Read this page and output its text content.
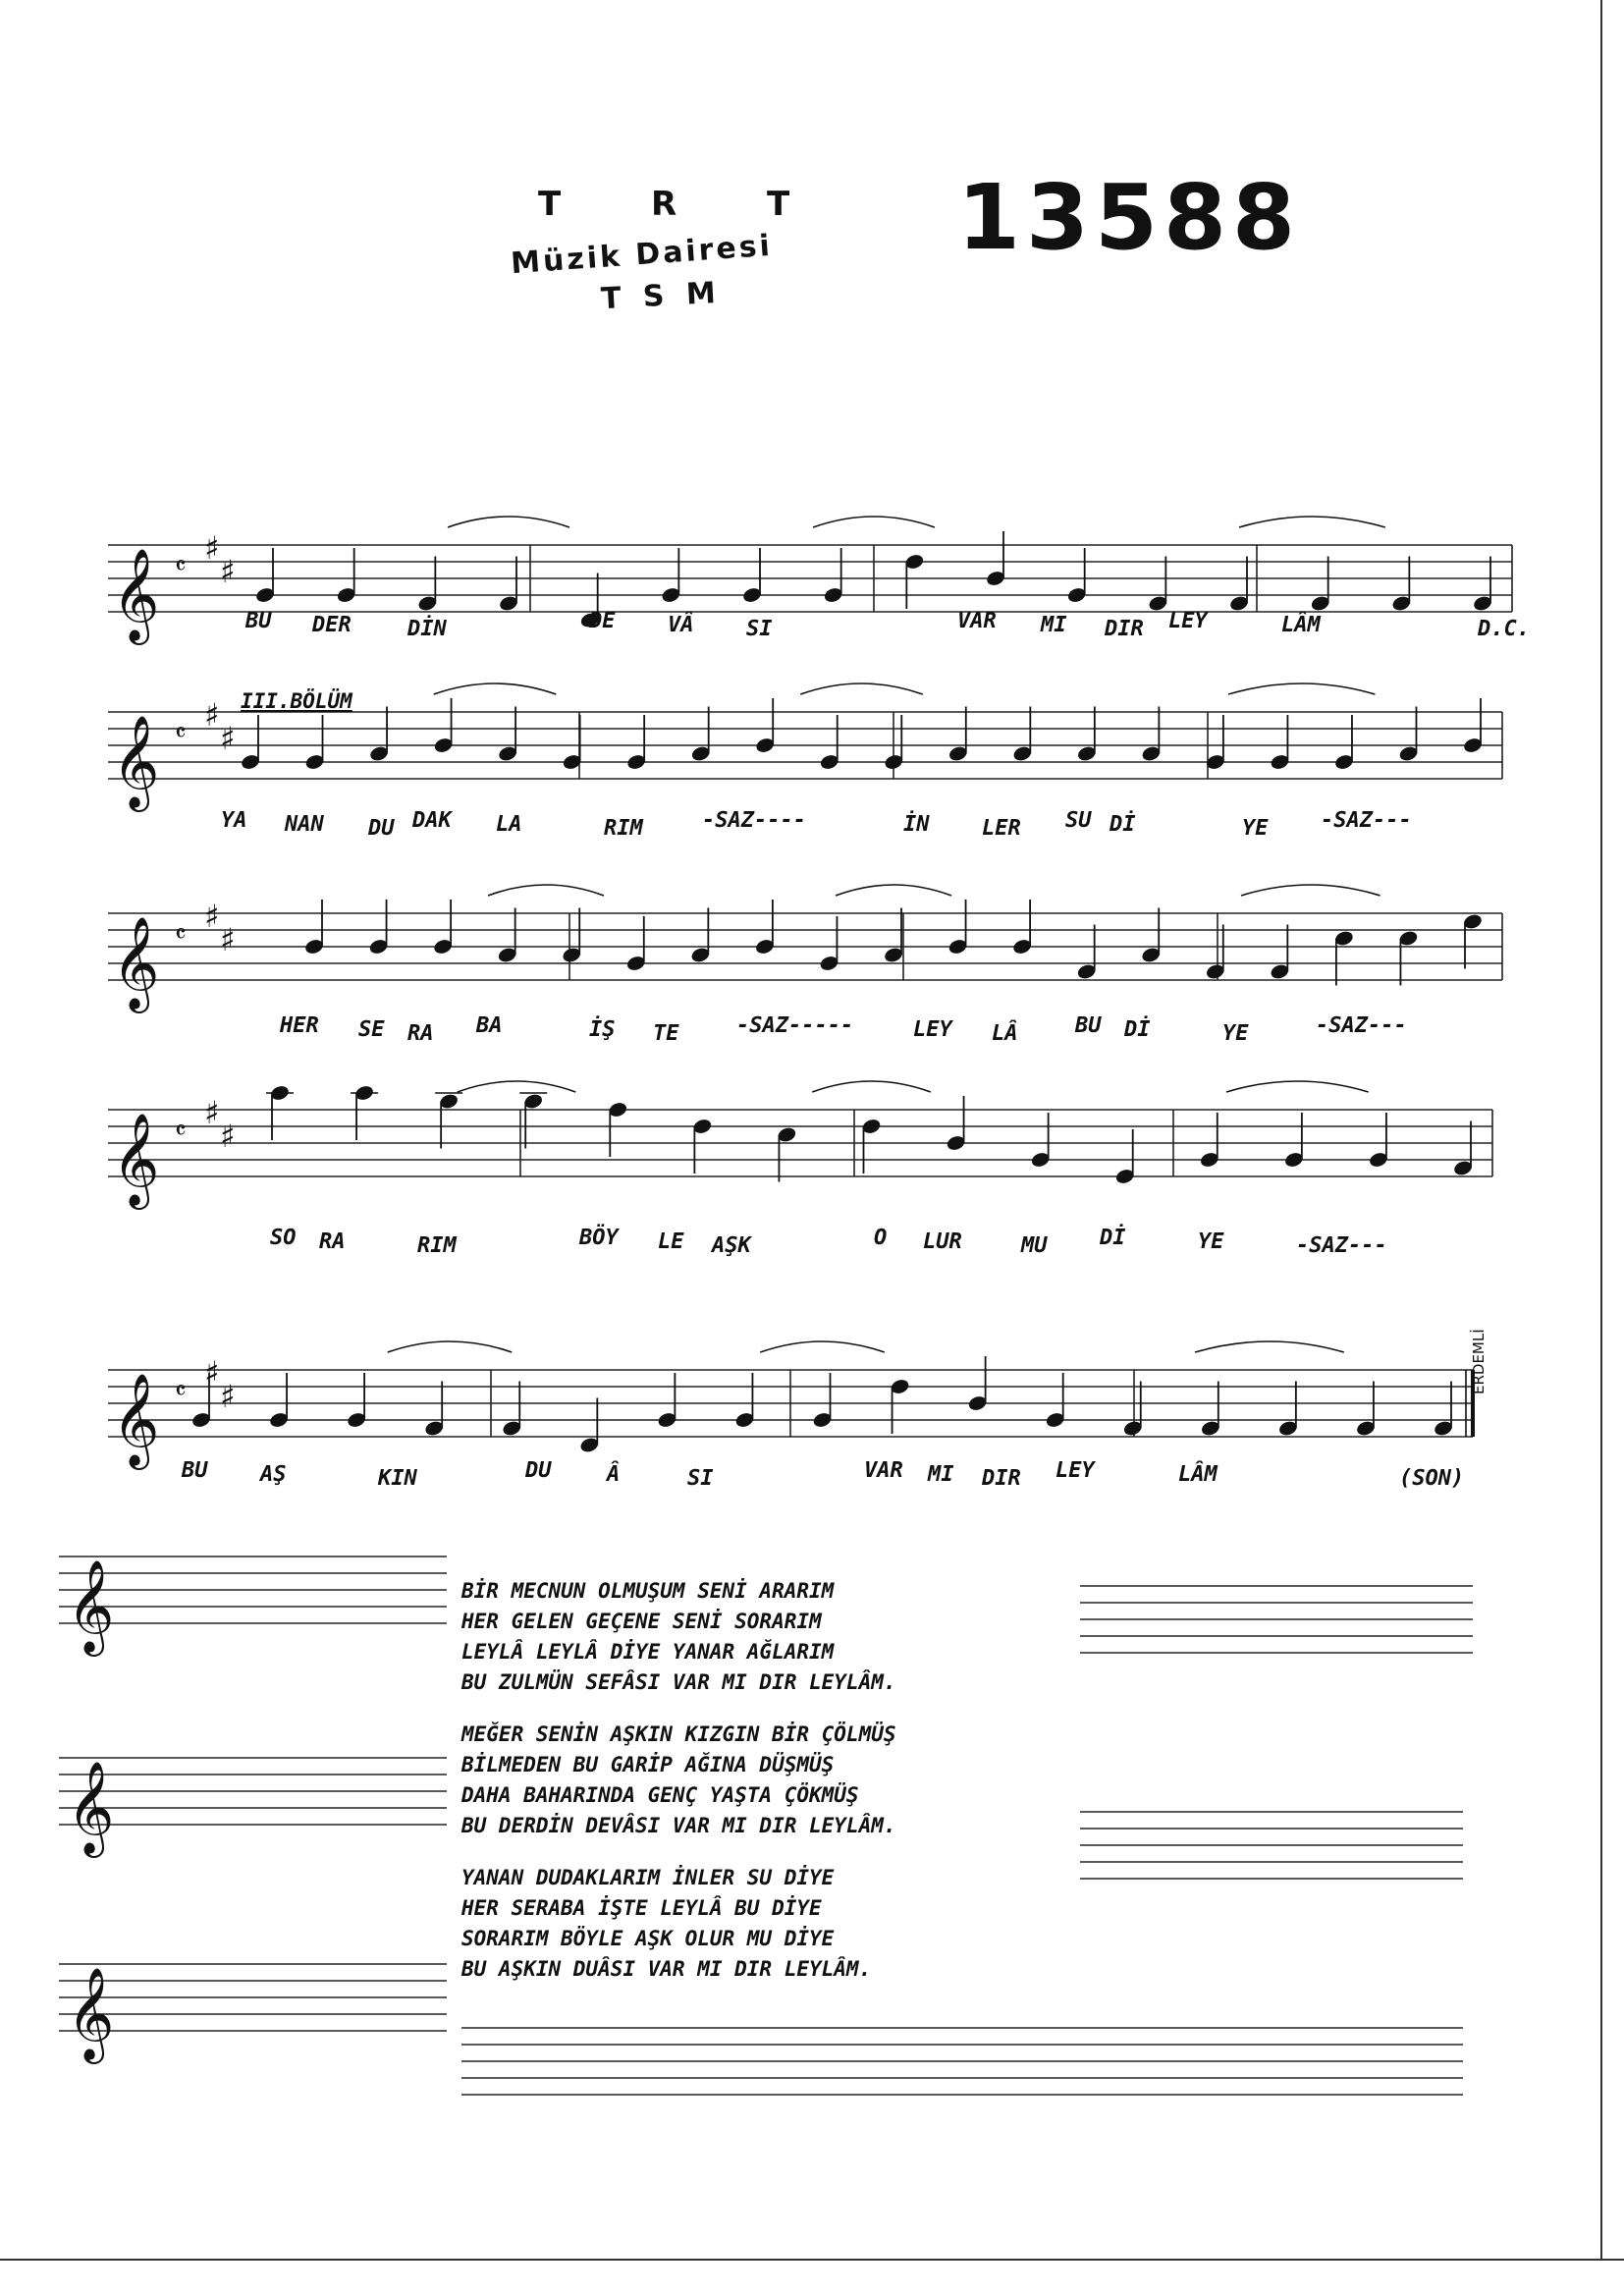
T R T
Müzik Dairesi
T S M
13588
𝄞 ♯
♯
𝄴
𝄞 ♯
♯
𝄴
𝄞 ♯
♯
𝄴
𝄞 ♯
♯
𝄴
𝄞 ♯
♯
𝄴
𝄞
𝄞
𝄞
BU DER	DİN	DE VÂ SI	VAR MI DIR LEY	LÂM	D.C.
YA NAN DU DAK LA	RIM	-SAZ----	İN LER SU Dİ	YE -SAZ---
III.BÖLÜM
HER SE RA BA	İŞ TE	-SAZ-----	LEY LÂ	BU Dİ	YE	-SAZ---
SO RA	RIM	BÖY LE AŞK	O LUR	MU Dİ	YE	-SAZ---
BU AŞ	KIN	DU	Â	SI	VAR MI DIR LEY	LÂM	(SON)
ERDEMLİ
BİR MECNUN OLMUŞUM SENİ ARARIM
HER GELEN GEÇENE SENİ SORARIM
LEYLÂ LEYLÂ DİYE YANAR AĞLARIM
BU ZULMÜN SEFÂSI VAR MI DIR LEYLÂM.
MEĞER SENİN AŞKIN KIZGIN BİR ÇÖLMÜŞ
BİLMEDEN BU GARİP AĞINA DÜŞMÜŞ
DAHA BAHARINDA GENÇ YAŞTA ÇÖKMÜŞ
BU DERDİN DEVÂSI VAR MI DIR LEYLÂM.
YANAN DUDAKLARIM İNLER SU DİYE
HER SERABA İŞTE LEYLÂ BU DİYE
SORARIM BÖYLE AŞK OLUR MU DİYE
BU AŞKIN DUÂSI VAR MI DIR LEYLÂM.
